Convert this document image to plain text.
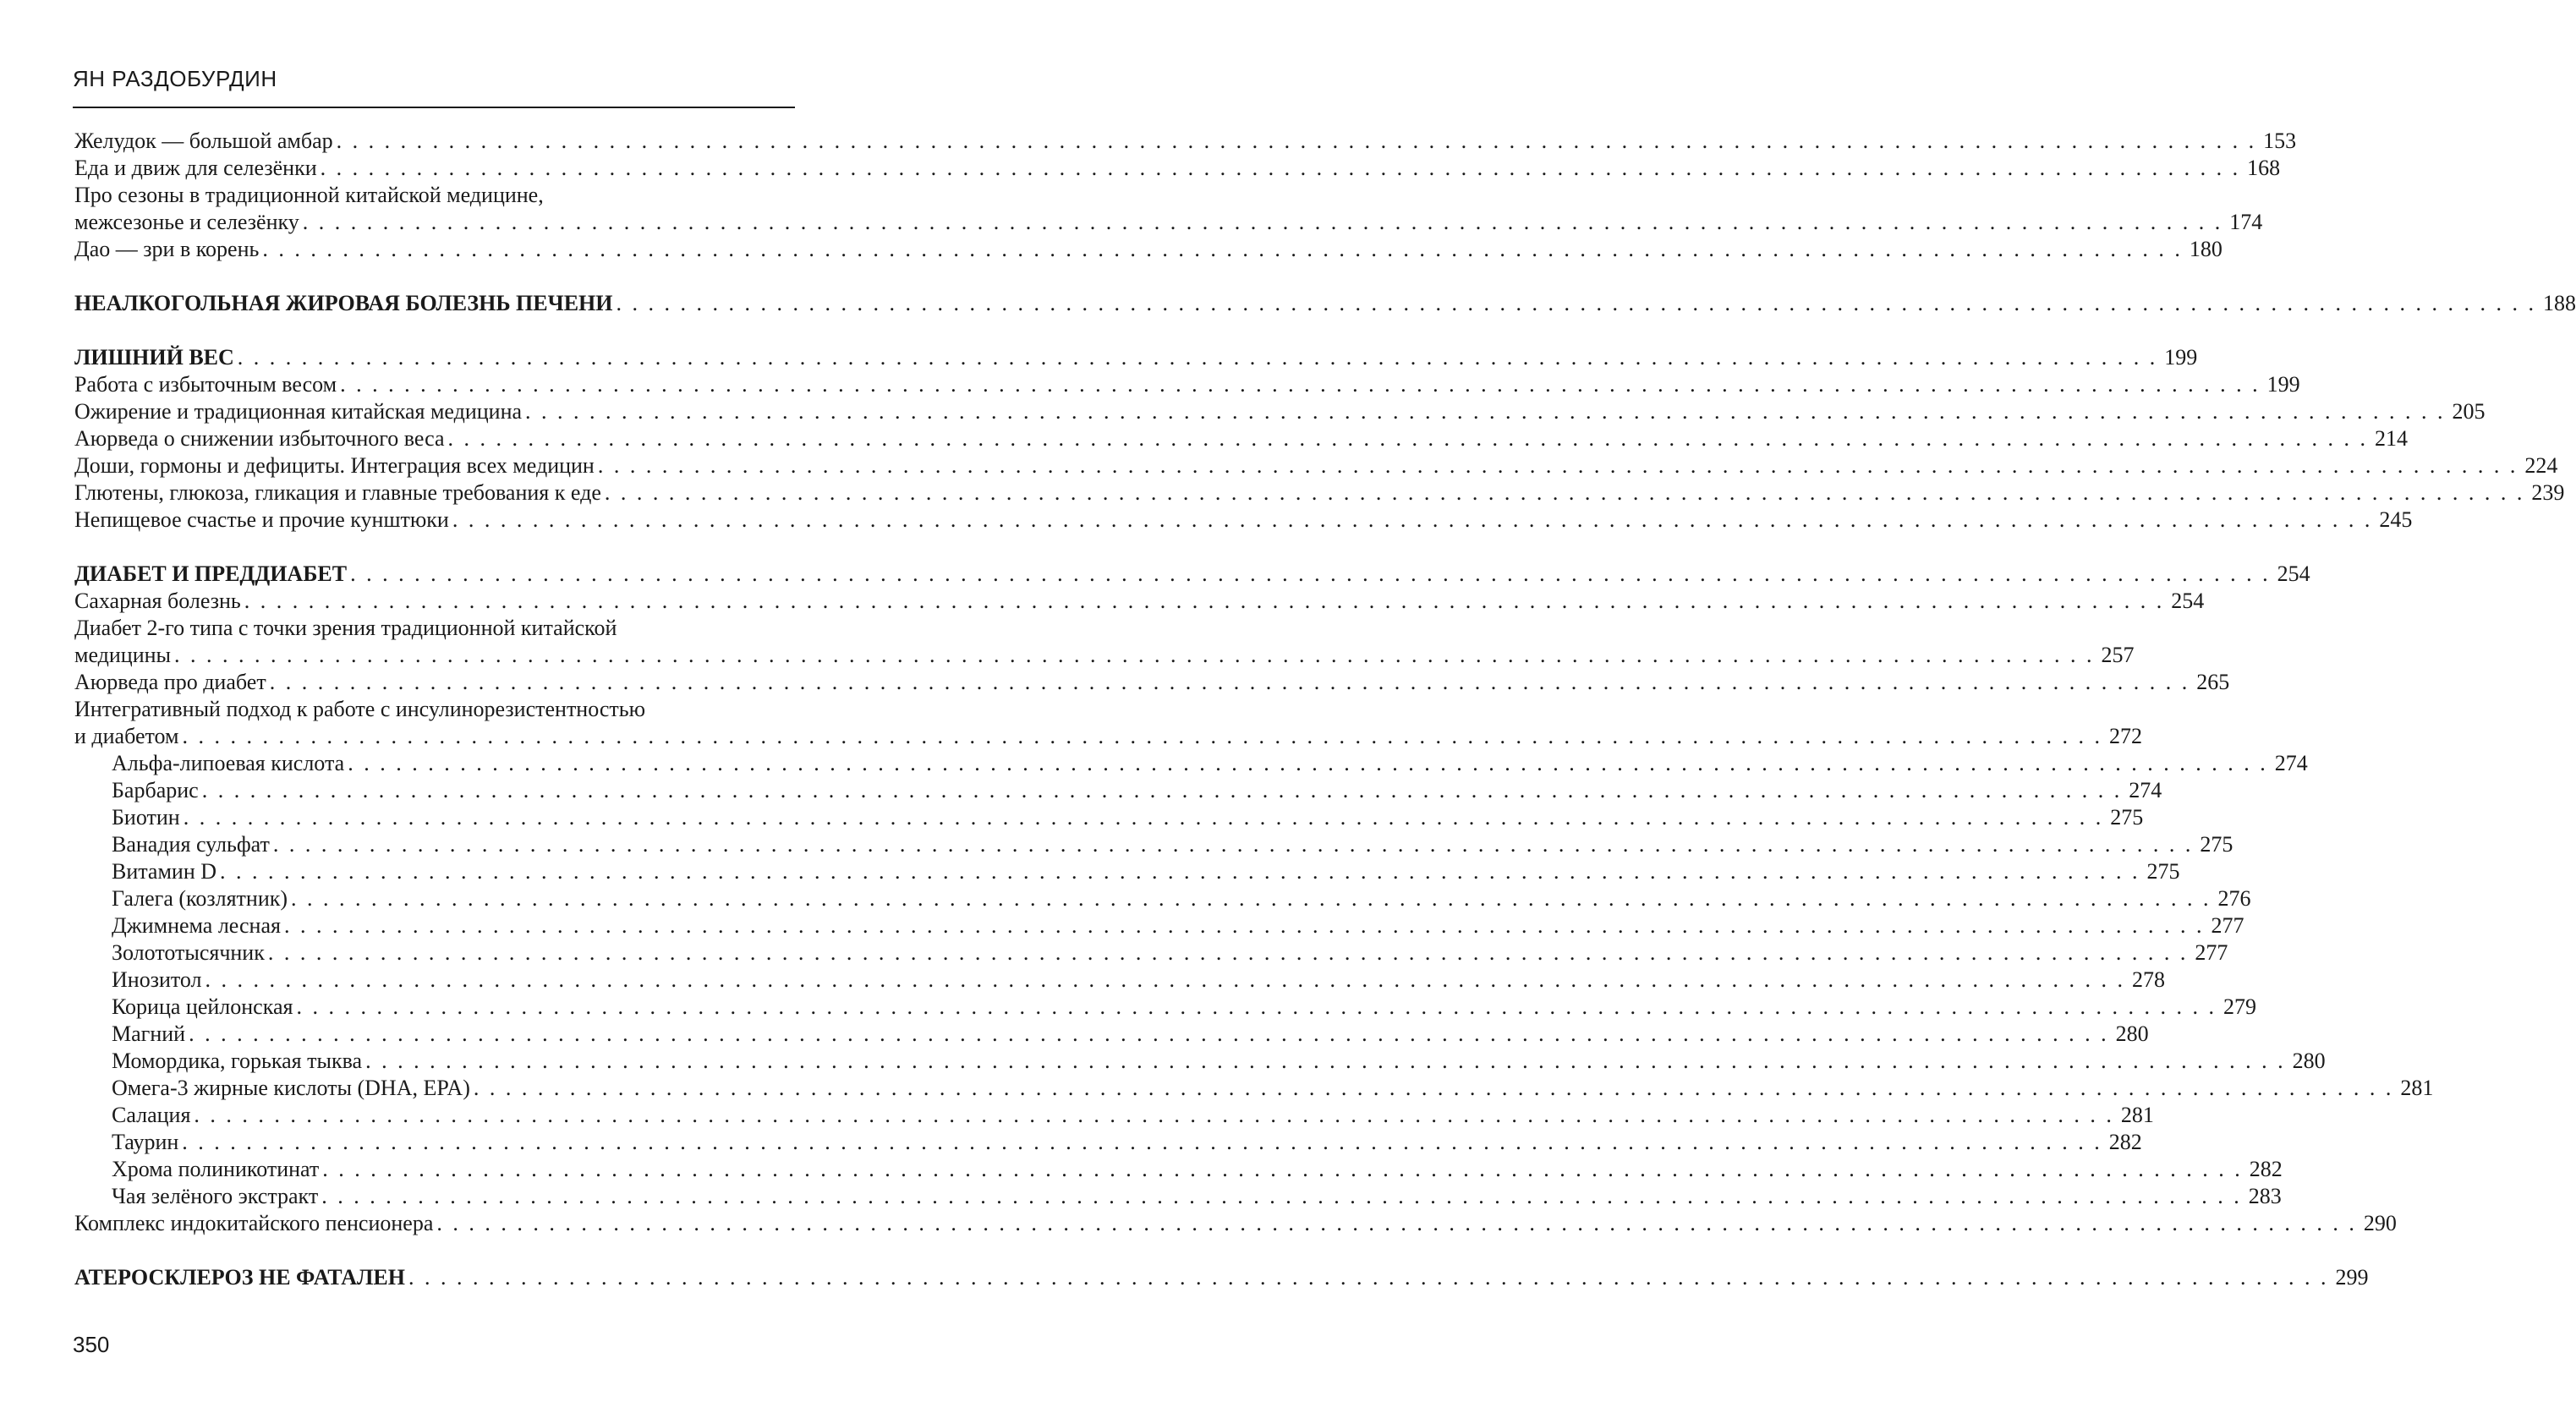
ЯН РАЗДОБУРДИН
Желудок — большой амбар . . . . . . . . . . . . . . . . . . . . . . . . . . . . . . . . . . . . . . . . . . . . . . . . . . . . . . . . . . . . . . . . . . . . . . . . . . . . . . . . . . . . . . . . . . . . . . . . . . . . . . . . . . . . . . . . . . . . . . . . 153
Еда и движ для селезёнки . . . . . . . . . . . . . . . . . . . . . . . . . . . . . . . . . . . . . . . . . . . . . . . . . . . . . . . . . . . . . . . . . . . . . . . . . . . . . . . . . . . . . . . . . . . . . . . . . . . . . . . . . . . . . . . . . . . . . . . . 168
Про сезоны в традиционной китайской медицине,
межсезонье и селезёнку . . . . . . . . . . . . . . . . . . . . . . . . . . . . . . . . . . . . . . . . . . . . . . . . . . . . . . . . . . . . . . . . . . . . . . . . . . . . . . . . . . . . . . . . . . . . . . . . . . . . . . . . . . . . . . . . . . . . . . . . 174
Дао — зри в корень . . . . . . . . . . . . . . . . . . . . . . . . . . . . . . . . . . . . . . . . . . . . . . . . . . . . . . . . . . . . . . . . . . . . . . . . . . . . . . . . . . . . . . . . . . . . . . . . . . . . . . . . . . . . . . . . . . . . . . . . 180
НЕАЛКОГОЛЬНАЯ ЖИРОВАЯ БОЛЕЗНЬ ПЕЧЕНИ . . . . . . . . . . . . . . . . . . . . . . . . . . . . . . . . . . . . . . . . . . . . . . . . . . . . . . . . . . . . . . . . . . . . . . . . . . . . . . . . . . . . . . . . . . . . . . . . . . . . . . . . . . . . . . . . . . . . . . . . 188
ЛИШНИЙ ВЕС . . . . . . . . . . . . . . . . . . . . . . . . . . . . . . . . . . . . . . . . . . . . . . . . . . . . . . . . . . . . . . . . . . . . . . . . . . . . . . . . . . . . . . . . . . . . . . . . . . . . . . . . . . . . . . . . . . . . . . . . 199
Работа с избыточным весом . . . . . . . . . . . . . . . . . . . . . . . . . . . . . . . . . . . . . . . . . . . . . . . . . . . . . . . . . . . . . . . . . . . . . . . . . . . . . . . . . . . . . . . . . . . . . . . . . . . . . . . . . . . . . . . . . . . . . . . . 199
Ожирение и традиционная китайская медицина . . . . . . . . . . . . . . . . . . . . . . . . . . . . . . . . . . . . . . . . . . . . . . . . . . . . . . . . . . . . . . . . . . . . . . . . . . . . . . . . . . . . . . . . . . . . . . . . . . . . . . . . . . . . . . . . . . . . . . . . 205
Аюрведа о снижении избыточного веса . . . . . . . . . . . . . . . . . . . . . . . . . . . . . . . . . . . . . . . . . . . . . . . . . . . . . . . . . . . . . . . . . . . . . . . . . . . . . . . . . . . . . . . . . . . . . . . . . . . . . . . . . . . . . . . . . . . . . . . . 214
Доши, гормоны и дефициты. Интеграция всех медицин . . . . . . . . . . . . . . . . . . . . . . . . . . . . . . . . . . . . . . . . . . . . . . . . . . . . . . . . . . . . . . . . . . . . . . . . . . . . . . . . . . . . . . . . . . . . . . . . . . . . . . . . . . . . . . . . . . . . . . . . 224
Глютены, глюкоза, гликация и главные требования к еде . . . . . . . . . . . . . . . . . . . . . . . . . . . . . . . . . . . . . . . . . . . . . . . . . . . . . . . . . . . . . . . . . . . . . . . . . . . . . . . . . . . . . . . . . . . . . . . . . . . . . . . . . . . . . . . . . . . . . . . . 239
Непищевое счастье и прочие кунштюки . . . . . . . . . . . . . . . . . . . . . . . . . . . . . . . . . . . . . . . . . . . . . . . . . . . . . . . . . . . . . . . . . . . . . . . . . . . . . . . . . . . . . . . . . . . . . . . . . . . . . . . . . . . . . . . . . . . . . . . . 245
ДИАБЕТ И ПРЕДДИАБЕТ . . . . . . . . . . . . . . . . . . . . . . . . . . . . . . . . . . . . . . . . . . . . . . . . . . . . . . . . . . . . . . . . . . . . . . . . . . . . . . . . . . . . . . . . . . . . . . . . . . . . . . . . . . . . . . . . . . . . . . . . 254
Сахарная болезнь . . . . . . . . . . . . . . . . . . . . . . . . . . . . . . . . . . . . . . . . . . . . . . . . . . . . . . . . . . . . . . . . . . . . . . . . . . . . . . . . . . . . . . . . . . . . . . . . . . . . . . . . . . . . . . . . . . . . . . . . 254
Диабет 2-го типа с точки зрения традиционной китайской
медицины . . . . . . . . . . . . . . . . . . . . . . . . . . . . . . . . . . . . . . . . . . . . . . . . . . . . . . . . . . . . . . . . . . . . . . . . . . . . . . . . . . . . . . . . . . . . . . . . . . . . . . . . . . . . . . . . . . . . . . . . 257
Аюрведа про диабет . . . . . . . . . . . . . . . . . . . . . . . . . . . . . . . . . . . . . . . . . . . . . . . . . . . . . . . . . . . . . . . . . . . . . . . . . . . . . . . . . . . . . . . . . . . . . . . . . . . . . . . . . . . . . . . . . . . . . . . . 265
Интегративный подход к работе с инсулинорезистентностью
и диабетом . . . . . . . . . . . . . . . . . . . . . . . . . . . . . . . . . . . . . . . . . . . . . . . . . . . . . . . . . . . . . . . . . . . . . . . . . . . . . . . . . . . . . . . . . . . . . . . . . . . . . . . . . . . . . . . . . . . . . . . . 272
Альфа-липоевая кислота . . . . . . . . . . . . . . . . . . . . . . . . . . . . . . . . . . . . . . . . . . . . . . . . . . . . . . . . . . . . . . . . . . . . . . . . . . . . . . . . . . . . . . . . . . . . . . . . . . . . . . . . . . . . . . . . . . . . . . . . 274
Барбарис . . . . . . . . . . . . . . . . . . . . . . . . . . . . . . . . . . . . . . . . . . . . . . . . . . . . . . . . . . . . . . . . . . . . . . . . . . . . . . . . . . . . . . . . . . . . . . . . . . . . . . . . . . . . . . . . . . . . . . . . 274
Биотин . . . . . . . . . . . . . . . . . . . . . . . . . . . . . . . . . . . . . . . . . . . . . . . . . . . . . . . . . . . . . . . . . . . . . . . . . . . . . . . . . . . . . . . . . . . . . . . . . . . . . . . . . . . . . . . . . . . . . . . . 275
Ванадия сульфат . . . . . . . . . . . . . . . . . . . . . . . . . . . . . . . . . . . . . . . . . . . . . . . . . . . . . . . . . . . . . . . . . . . . . . . . . . . . . . . . . . . . . . . . . . . . . . . . . . . . . . . . . . . . . . . . . . . . . . . . 275
Витамин D . . . . . . . . . . . . . . . . . . . . . . . . . . . . . . . . . . . . . . . . . . . . . . . . . . . . . . . . . . . . . . . . . . . . . . . . . . . . . . . . . . . . . . . . . . . . . . . . . . . . . . . . . . . . . . . . . . . . . . . . 275
Галега (козлятник) . . . . . . . . . . . . . . . . . . . . . . . . . . . . . . . . . . . . . . . . . . . . . . . . . . . . . . . . . . . . . . . . . . . . . . . . . . . . . . . . . . . . . . . . . . . . . . . . . . . . . . . . . . . . . . . . . . . . . . . . 276
Джимнема лесная . . . . . . . . . . . . . . . . . . . . . . . . . . . . . . . . . . . . . . . . . . . . . . . . . . . . . . . . . . . . . . . . . . . . . . . . . . . . . . . . . . . . . . . . . . . . . . . . . . . . . . . . . . . . . . . . . . . . . . . . 277
Золототысячник . . . . . . . . . . . . . . . . . . . . . . . . . . . . . . . . . . . . . . . . . . . . . . . . . . . . . . . . . . . . . . . . . . . . . . . . . . . . . . . . . . . . . . . . . . . . . . . . . . . . . . . . . . . . . . . . . . . . . . . . 277
Инозитол . . . . . . . . . . . . . . . . . . . . . . . . . . . . . . . . . . . . . . . . . . . . . . . . . . . . . . . . . . . . . . . . . . . . . . . . . . . . . . . . . . . . . . . . . . . . . . . . . . . . . . . . . . . . . . . . . . . . . . . . 278
Корица цейлонская . . . . . . . . . . . . . . . . . . . . . . . . . . . . . . . . . . . . . . . . . . . . . . . . . . . . . . . . . . . . . . . . . . . . . . . . . . . . . . . . . . . . . . . . . . . . . . . . . . . . . . . . . . . . . . . . . . . . . . . . 279
Магний . . . . . . . . . . . . . . . . . . . . . . . . . . . . . . . . . . . . . . . . . . . . . . . . . . . . . . . . . . . . . . . . . . . . . . . . . . . . . . . . . . . . . . . . . . . . . . . . . . . . . . . . . . . . . . . . . . . . . . . . 280
Момордика, горькая тыква . . . . . . . . . . . . . . . . . . . . . . . . . . . . . . . . . . . . . . . . . . . . . . . . . . . . . . . . . . . . . . . . . . . . . . . . . . . . . . . . . . . . . . . . . . . . . . . . . . . . . . . . . . . . . . . . . . . . . . . . 280
Омега-3 жирные кислоты (DHA, EPA) . . . . . . . . . . . . . . . . . . . . . . . . . . . . . . . . . . . . . . . . . . . . . . . . . . . . . . . . . . . . . . . . . . . . . . . . . . . . . . . . . . . . . . . . . . . . . . . . . . . . . . . . . . . . . . . . . . . . . . . . 281
Салация . . . . . . . . . . . . . . . . . . . . . . . . . . . . . . . . . . . . . . . . . . . . . . . . . . . . . . . . . . . . . . . . . . . . . . . . . . . . . . . . . . . . . . . . . . . . . . . . . . . . . . . . . . . . . . . . . . . . . . . . 281
Таурин . . . . . . . . . . . . . . . . . . . . . . . . . . . . . . . . . . . . . . . . . . . . . . . . . . . . . . . . . . . . . . . . . . . . . . . . . . . . . . . . . . . . . . . . . . . . . . . . . . . . . . . . . . . . . . . . . . . . . . . . 282
Хрома полиникотинат . . . . . . . . . . . . . . . . . . . . . . . . . . . . . . . . . . . . . . . . . . . . . . . . . . . . . . . . . . . . . . . . . . . . . . . . . . . . . . . . . . . . . . . . . . . . . . . . . . . . . . . . . . . . . . . . . . . . . . . . 282
Чая зелёного экстракт . . . . . . . . . . . . . . . . . . . . . . . . . . . . . . . . . . . . . . . . . . . . . . . . . . . . . . . . . . . . . . . . . . . . . . . . . . . . . . . . . . . . . . . . . . . . . . . . . . . . . . . . . . . . . . . . . . . . . . . . 283
Комплекс индокитайского пенсионера . . . . . . . . . . . . . . . . . . . . . . . . . . . . . . . . . . . . . . . . . . . . . . . . . . . . . . . . . . . . . . . . . . . . . . . . . . . . . . . . . . . . . . . . . . . . . . . . . . . . . . . . . . . . . . . . . . . . . . . . 290
АТЕРОСКЛЕРОЗ НЕ ФАТАЛЕН . . . . . . . . . . . . . . . . . . . . . . . . . . . . . . . . . . . . . . . . . . . . . . . . . . . . . . . . . . . . . . . . . . . . . . . . . . . . . . . . . . . . . . . . . . . . . . . . . . . . . . . . . . . . . . . . . . . . . . . . 299
350
